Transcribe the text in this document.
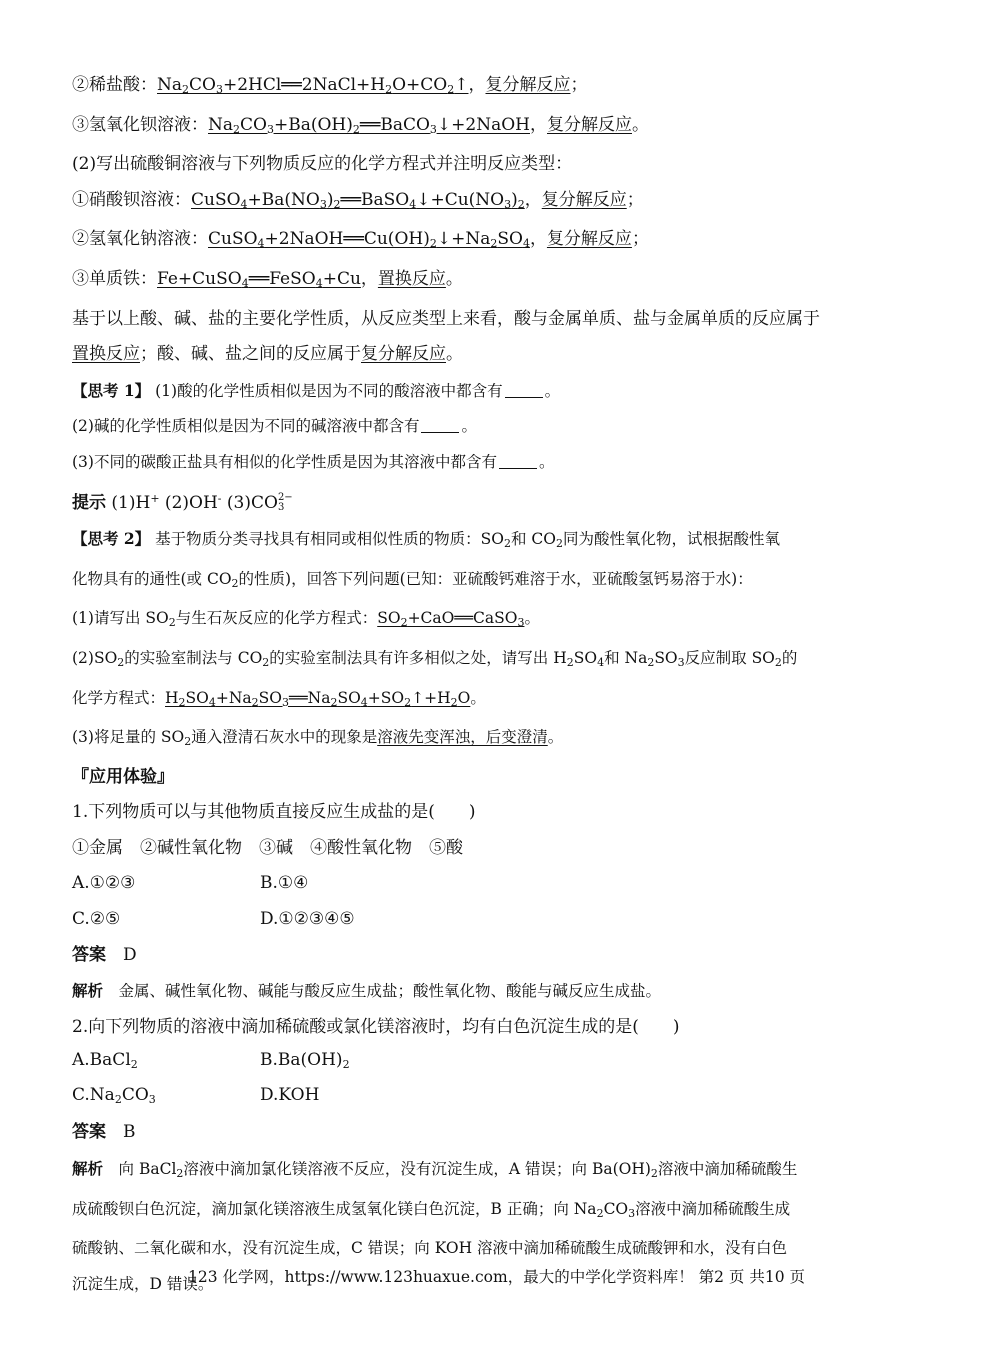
②稀盐酸：$Na_2CO_3+2HCl══2NaCl+H_2O+CO_2↑$，复分解反应；
③氢氧化钡溶液：$Na_2CO_3+Ba(OH)_2══BaCO_3↓+2NaOH$，复分解反应。
(2)写出硫酸铜溶液与下列物质反应的化学方程式并注明反应类型：
①硝酸钡溶液：$CuSO_4+Ba(NO_3)_2══BaSO_4↓+Cu(NO_3)_2$，复分解反应；
②氢氧化钠溶液：$CuSO_4+2NaOH══Cu(OH)_2↓+Na_2SO_4$，复分解反应；
③单质铁：Fe+CuSO$_4$══FeSO$_4$+Cu，置换反应。
基于以上酸、碱、盐的主要化学性质，从反应类型上来看，酸与金属单质、盐与金属单质的反应属于
置换反应；酸、碱、盐之间的反应属于复分解反应。
【思考 1】 (1)酸的化学性质相似是因为不同的酸溶液中都含有	。
(2)碱的化学性质相似是因为不同的碱溶液中都含有	。
(3)不同的碳酸正盐具有相似的化学性质是因为其溶液中都含有	。
提示 (1)H+ (2)OH- (3)CO 2−
3
【思考 2】 基于物质分类寻找具有相同或相似性质的物质：$SO_2$和 $CO_2$同为酸性氧化物，试根据酸性氧
化物具有的通性(或 $CO_2$的性质)，回答下列问题(已知：亚硫酸钙难溶于水，亚硫酸氢钙易溶于水)：
(1)请写出 $SO_2$与生石灰反应的化学方程式：$SO_2+CaO══CaSO_3$。
$(2)SO_2$的实验室制法与 $CO_2$的实验室制法具有许多相似之处，请写出 $H_2SO_4$和 $Na_2SO_3$反应制取 $SO_2$的
化学方程式：$H_2SO_4+Na_2SO_3══Na_2SO_4+SO_2↑+H_2O$。
(3)将足量的 $SO_2$通入澄清石灰水中的现象是溶液先变浑浊，后变澄清。
『应用体验』
1.下列物质可以与其他物质直接反应生成盐的是(　　)
①金属　②碱性氧化物　③碱　④酸性氧化物　⑤酸
A.①②③	B.①④
C.②⑤	D.①②③④⑤
答案　 D
解析　 金属、碱性氧化物、碱能与酸反应生成盐；酸性氧化物、酸能与碱反应生成盐。
2.向下列物质的溶液中滴加稀硫酸或氯化镁溶液时，均有白色沉淀生成的是(　　)
A.BaCl$_2$	$B.Ba(OH)_2$
$C.Na_2CO_3$	D.KOH
答案　 B
解析　 向 BaCl$_2$溶液中滴加氯化镁溶液不反应，没有沉淀生成，A 错误；向 $Ba(OH)_2$溶液中滴加稀硫酸生
成硫酸钡白色沉淀，滴加氯化镁溶液生成氢氧化镁白色沉淀，B 正确；向 $Na_2CO_3$溶液中滴加稀硫酸生成
硫酸钠、二氧化碳和水，没有沉淀生成，C 错误；向 KOH 溶液中滴加稀硫酸生成硫酸钾和水，没有白色
沉淀生成，D 错误。
123 化学网，https://www.123huaxue.com，最大的中学化学资料库！ 第2 页 共10 页
